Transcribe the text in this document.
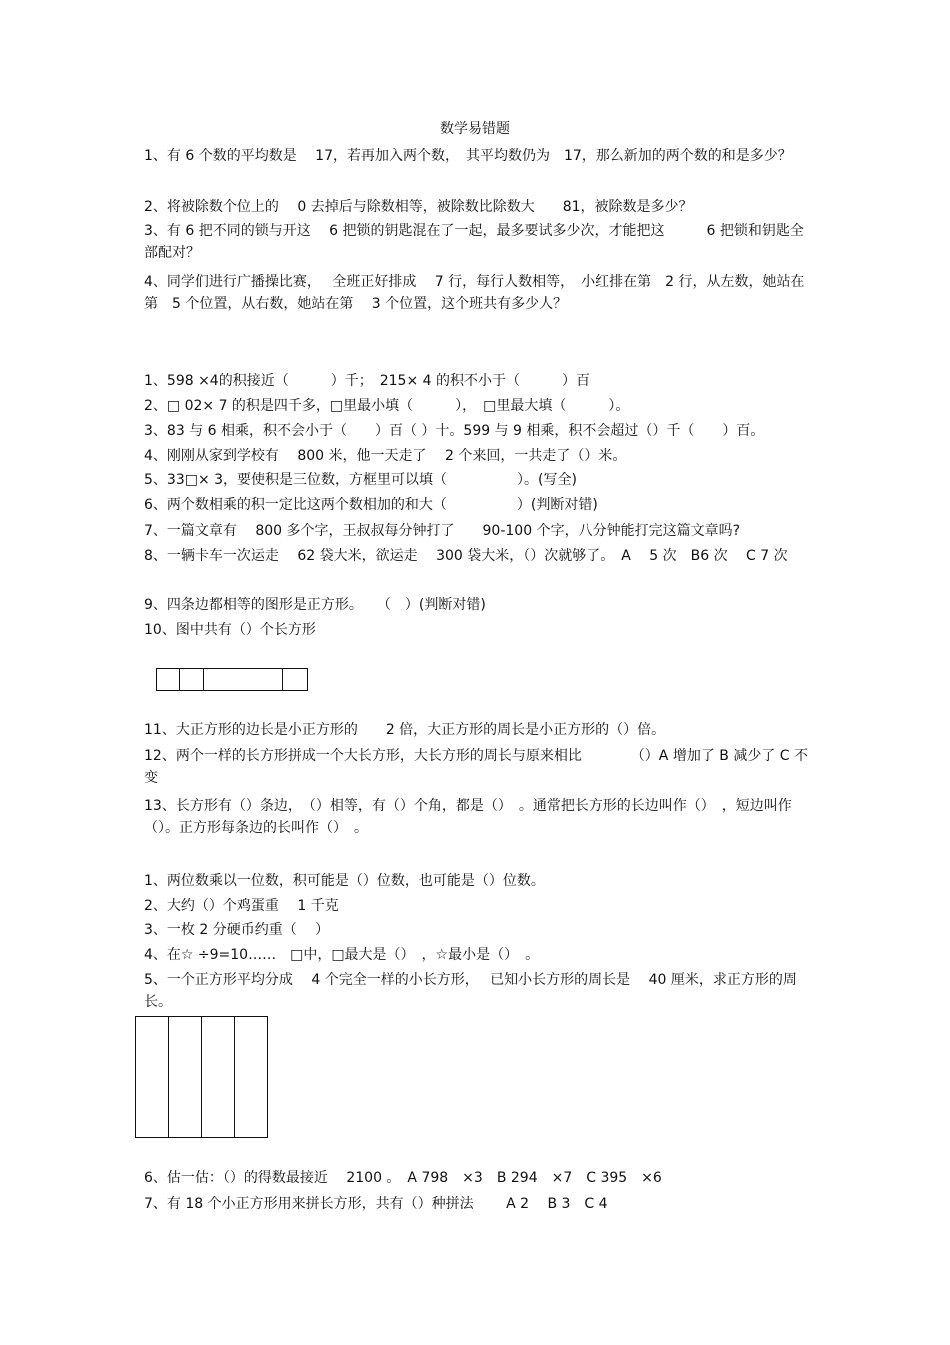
数学易错题
1、有 6 个数的平均数是　 17，若再加入两个数，　其平均数仍为　17，那么新加的两个数的和是多少？
2、将被除数个位上的　 0 去掉后与除数相等，被除数比除数大　　81，被除数是多少？
3、有 6 把不同的锁与开这　 6 把锁的钥匙混在了一起，最多要试多少次，才能把这　　　6 把锁和钥匙全部配对？
4、同学们进行广播操比赛，　 全班正好排成　 7 行，每行人数相等，　小红排在第　2 行，从左数，她站在第　5 个位置，从右数，她站在第　 3 个位置，这个班共有多少人？
1、598 ×4的积接近（　　　）千；　215× 4 的积不小于（　　　）百
2、□ 02× 7 的积是四千多，□里最小填（　　　），　□里最大填（　　　）。
3、83 与 6 相乘，积不会小于（　　）百（ ）十。599 与 9 相乘，积不会超过（）千（　　）百。
4、刚刚从家到学校有　 800 米，他一天走了　 2 个来回，一共走了（）米。
5、33□× 3，要使积是三位数，方框里可以填（　　　　　）。(写全)
6、两个数相乘的积一定比这两个数相加的和大（　　　　　）(判断对错)
7、一篇文章有　 800 多个字，王叔叔每分钟打了　　90-100 个字，八分钟能打完这篇文章吗?
8、一辆卡车一次运走　 62 袋大米，欲运走　 300 袋大米，（）次就够了。　A　 5 次　B6 次　 C 7 次
9、四条边都相等的图形是正方形。　　（　）(判断对错)
10、图中共有（）个长方形
11、大正方形的边长是小正方形的　　2 倍，大正方形的周长是小正方形的（）倍。
12、两个一样的长方形拼成一个大长方形，大长方形的周长与原来相比　　　　（）A 增加了 B 减少了 C 不变
13、长方形有（）条边，　（）相等，有（）个角，都是（）　。通常把长方形的长边叫作（）　，短边叫作（）。正方形每条边的长叫作（）　。
1、两位数乘以一位数，积可能是（）位数，也可能是（）位数。
2、大约（）个鸡蛋重　 1 千克
3、一枚 2 分硬币约重（　 ）
4、在☆ ÷9=10……　□中，□最大是（）　，☆最小是（）　。
5、一个正方形平均分成　 4 个完全一样的小长方形，　 已知小长方形的周长是　 40 厘米，求正方形的周长。
6、估一估：（）的得数最接近　 2100 。　A 798　×3　B 294　×7　C 395　×6
7、有 18 个小正方形用来拼长方形，共有（）种拼法　　 A 2　 B 3　C 4
